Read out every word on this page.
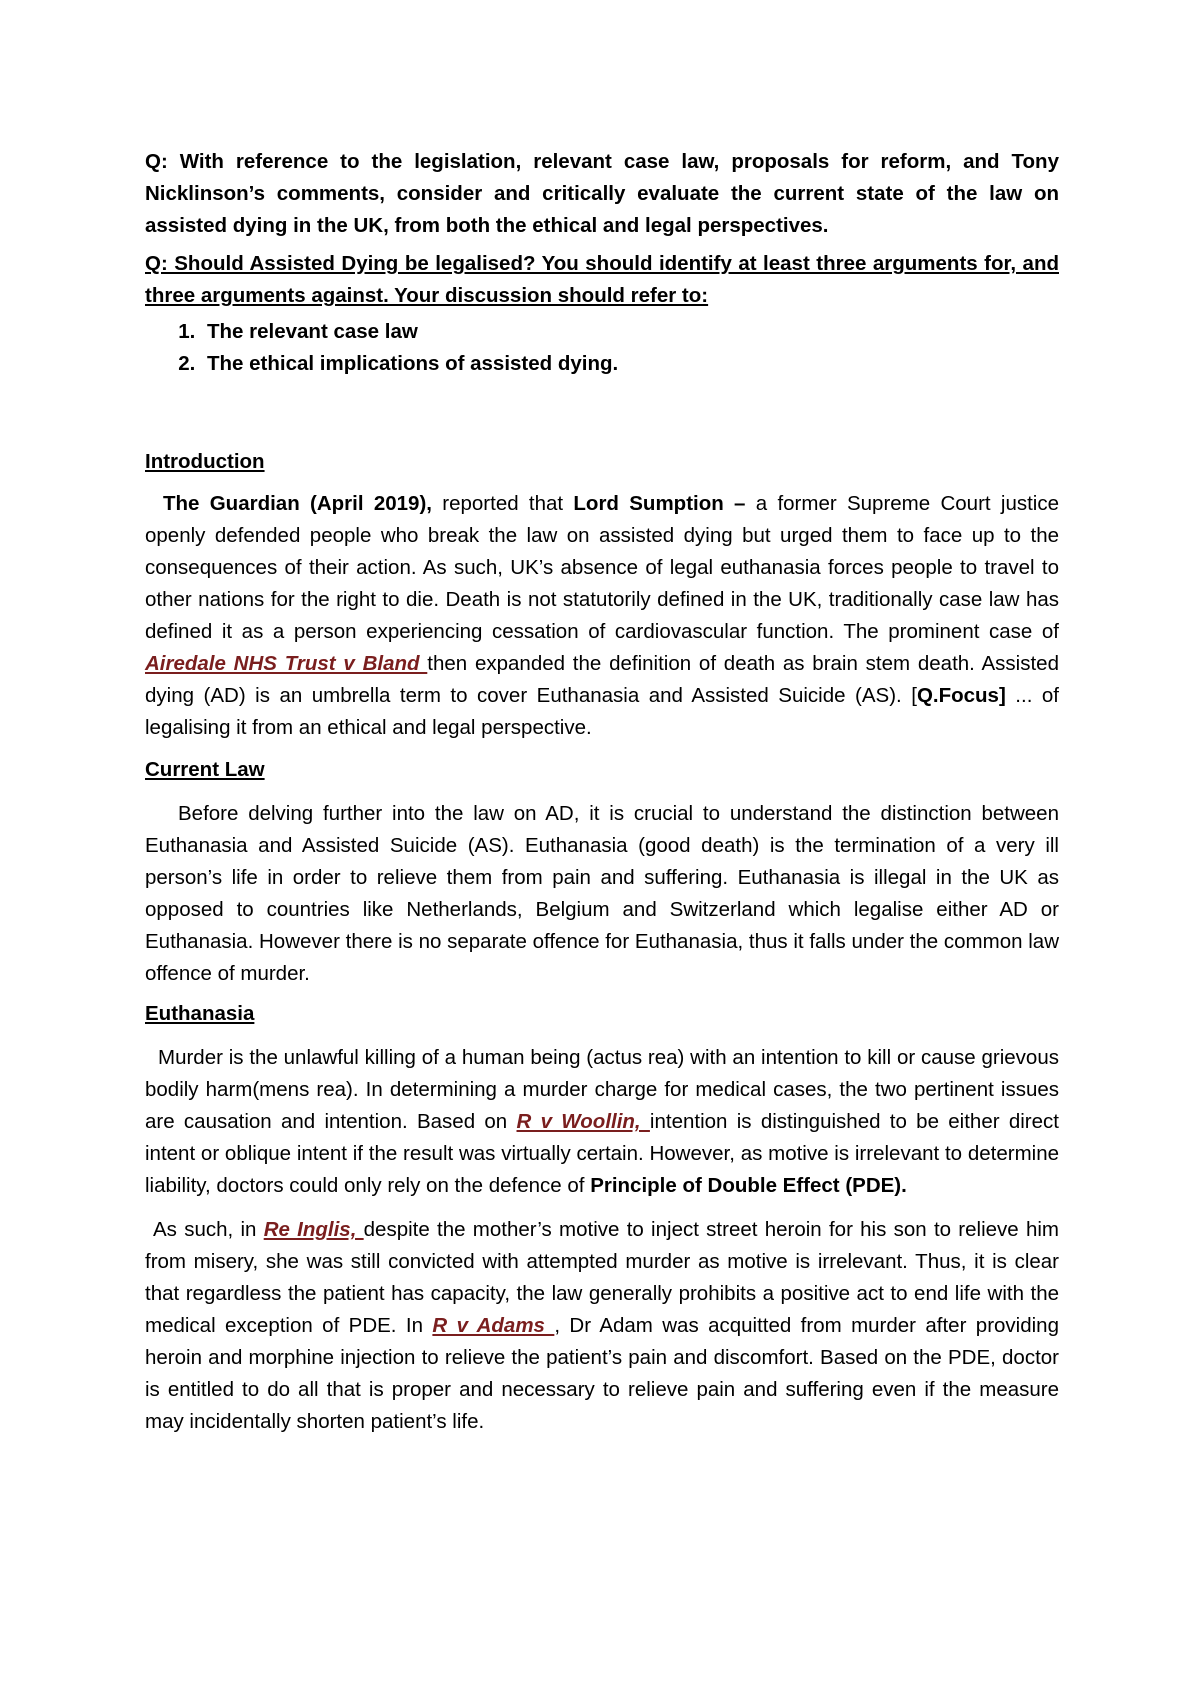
Q: With reference to the legislation, relevant case law, proposals for reform, and Tony Nicklinson’s comments, consider and critically evaluate the current state of the law on assisted dying in the UK, from both the ethical and legal perspectives.

Q: Should Assisted Dying be legalised? You should identify at least three arguments for, and three arguments against. Your discussion should refer to:

1. The relevant case law
2. The ethical implications of assisted dying.

Introduction

The Guardian (April 2019), reported that Lord Sumption – a former Supreme Court justice openly defended people who break the law on assisted dying but urged them to face up to the consequences of their action. As such, UK’s absence of legal euthanasia forces people to travel to other nations for the right to die. Death is not statutorily defined in the UK, traditionally case law has defined it as a person experiencing cessation of cardiovascular function. The prominent case of Airedale NHS Trust v Bland then expanded the definition of death as brain stem death. Assisted dying (AD) is an umbrella term to cover Euthanasia and Assisted Suicide (AS). [Q.Focus] ... of legalising it from an ethical and legal perspective.

Current Law

Before delving further into the law on AD, it is crucial to understand the distinction between Euthanasia and Assisted Suicide (AS). Euthanasia (good death) is the termination of a very ill person’s life in order to relieve them from pain and suffering. Euthanasia is illegal in the UK as opposed to countries like Netherlands, Belgium and Switzerland which legalise either AD or Euthanasia. However there is no separate offence for Euthanasia, thus it falls under the common law offence of murder.

Euthanasia

Murder is the unlawful killing of a human being (actus rea) with an intention to kill or cause grievous bodily harm(mens rea). In determining a murder charge for medical cases, the two pertinent issues are causation and intention. Based on R v Woollin, intention is distinguished to be either direct intent or oblique intent if the result was virtually certain. However, as motive is irrelevant to determine liability, doctors could only rely on the defence of Principle of Double Effect (PDE).

As such, in Re Inglis, despite the mother’s motive to inject street heroin for his son to relieve him from misery, she was still convicted with attempted murder as motive is irrelevant. Thus, it is clear that regardless the patient has capacity, the law generally prohibits a positive act to end life with the medical exception of PDE. In R v Adams , Dr Adam was acquitted from murder after providing heroin and morphine injection to relieve the patient’s pain and discomfort. Based on the PDE, doctor is entitled to do all that is proper and necessary to relieve pain and suffering even if the measure may incidentally shorten patient’s life.
